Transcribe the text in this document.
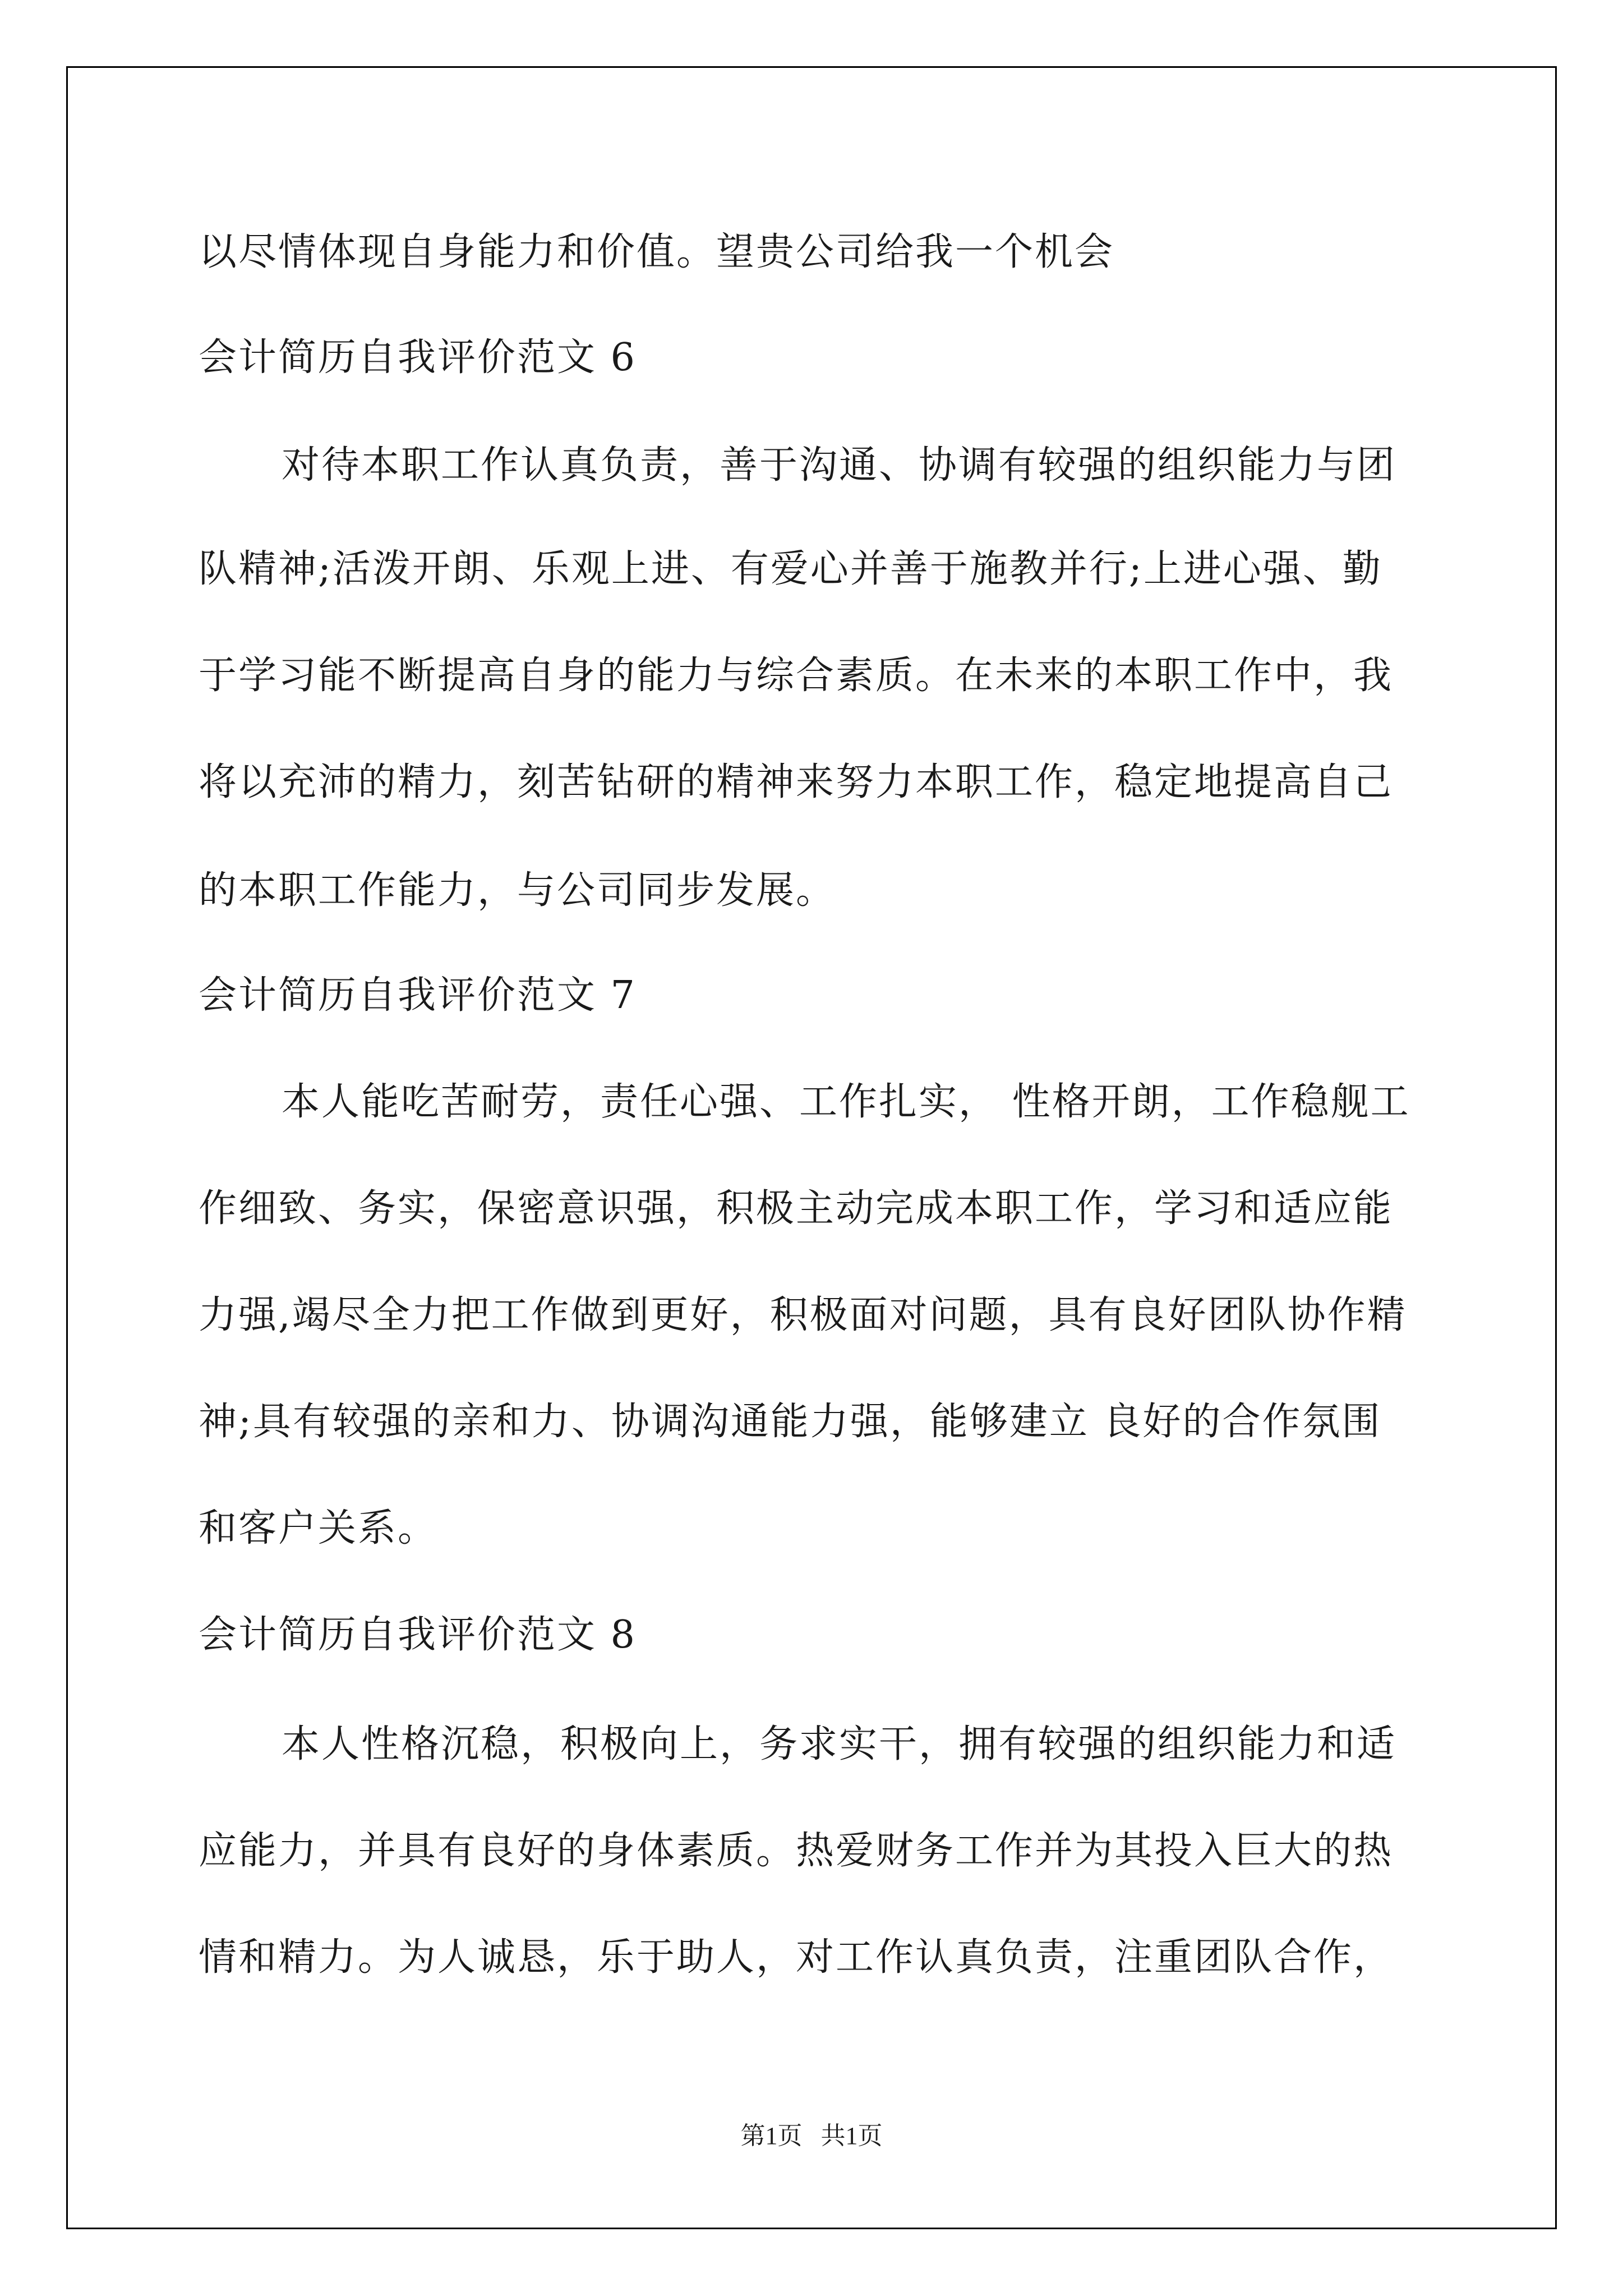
以尽情体现自身能力和价值。望贵公司给我一个机会
会计简历自我评价范文 6
对待本职工作认真负责，善于沟通、协调有较强的组织能力与团
队精神;活泼开朗、乐观上进、有爱心并善于施教并行;上进心强、勤
于学习能不断提高自身的能力与综合素质。在未来的本职工作中，我
将以充沛的精力，刻苦钻研的精神来努力本职工作，稳定地提高自己
的本职工作能力，与公司同步发展。
会计简历自我评价范文 7
本人能吃苦耐劳，责任心强、工作扎实， 性格开朗，工作稳舰工
作细致、务实，保密意识强，积极主动完成本职工作，学习和适应能
力强,竭尽全力把工作做到更好，积极面对问题，具有良好团队协作精
神;具有较强的亲和力、协调沟通能力强，能够建立 良好的合作氛围
和客户关系。
会计简历自我评价范文 8
本人性格沉稳，积极向上，务求实干，拥有较强的组织能力和适
应能力，并具有良好的身体素质。热爱财务工作并为其投入巨大的热
情和精力。为人诚恳，乐于助人，对工作认真负责，注重团队合作，
第1页   共1页
